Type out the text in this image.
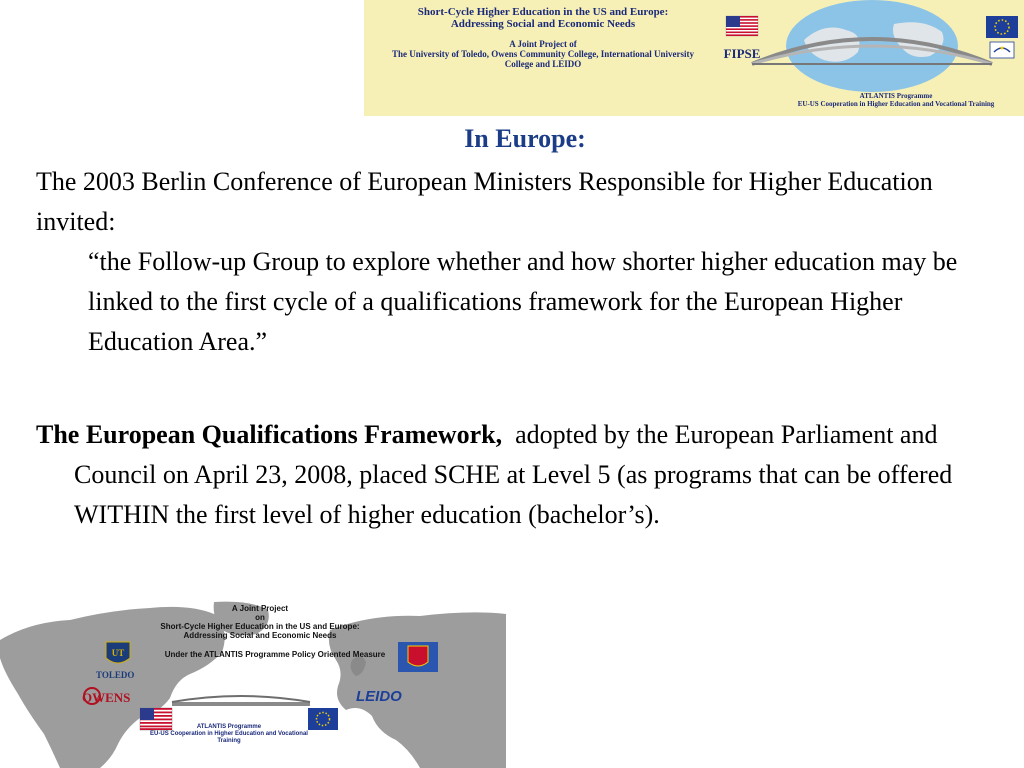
Short-Cycle Higher Education in the US and Europe:
Addressing Social and Economic Needs
A Joint Project of
The University of Toledo, Owens Community College, International University
College and LEIDO
FIPSE
ATLANTIS Programme
EU-US Cooperation in Higher Education and Vocational Training
In Europe:
The 2003 Berlin Conference of European Ministers Responsible for Higher Education invited:
“the Follow-up Group to explore whether and how shorter higher education may be linked to the first cycle of a qualifications framework for the European Higher Education Area.”
The European Qualifications Framework,  adopted by the European Parliament and Council on April 23, 2008, placed SCHE at Level 5 (as programs that can be offered WITHIN the first level of higher education (bachelor’s).
UT
A Joint Project
on
Short-Cycle Higher Education in the US and Europe:
Addressing Social and Economic Needs
Under the ATLANTIS Programme Policy Oriented Measure
TOLEDO
OWENS	LEIDO
ATLANTIS Programme
EU-US Cooperation in Higher Education and Vocational Training
